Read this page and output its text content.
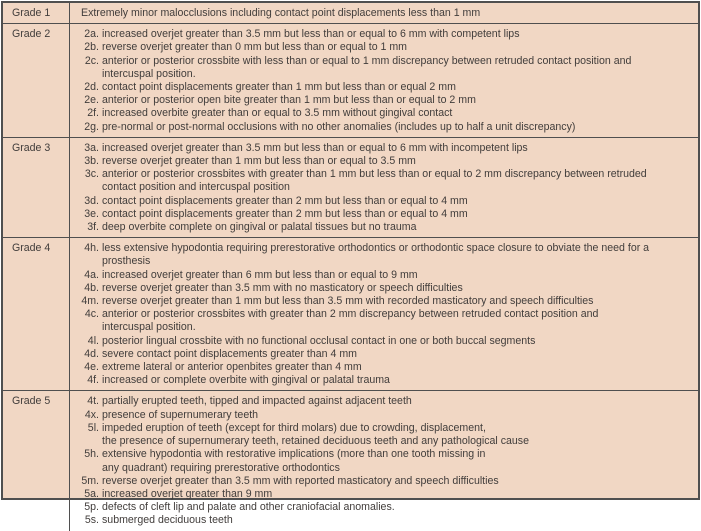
Grade 1	Extremely minor malocclusions including contact point displacements less than 1 mm
Grade 2	2a. increased overjet greater than 3.5 mm but less than or equal to 6 mm with competent lips
2b. reverse overjet greater than 0 mm but less than or equal to 1 mm
2c. anterior or posterior crossbite with less than or equal to 1 mm discrepancy between retruded contact position and
intercuspal position.
2d. contact point displacements greater than 1 mm but less than or equal 2 mm
2e. anterior or posterior open bite greater than 1 mm but less than or equal to 2 mm
2f. increased overbite greater than or equal to 3.5 mm without gingival contact
2g. pre-normal or post-normal occlusions with no other anomalies (includes up to half a unit discrepancy)
Grade 3	3a. increased overjet greater than 3.5 mm but less than or equal to 6 mm with incompetent lips
3b. reverse overjet greater than 1 mm but less than or equal to 3.5 mm
3c. anterior or posterior crossbites with greater than 1 mm but less than or equal to 2 mm discrepancy between retruded
contact position and intercuspal position
3d. contact point displacements greater than 2 mm but less than or equal to 4 mm
3e. contact point displacements greater than 2 mm but less than or equal to 4 mm
3f. deep overbite complete on gingival or palatal tissues but no trauma
Grade 4	4h. less extensive hypodontia requiring prerestorative orthodontics or orthodontic space closure to obviate the need for a
prosthesis
4a. increased overjet greater than 6 mm but less than or equal to 9 mm
4b. reverse overjet greater than 3.5 mm with no masticatory or speech difficulties
4m. reverse overjet greater than 1 mm but less than 3.5 mm with recorded masticatory and speech difficulties
4c. anterior or posterior crossbites with greater than 2 mm discrepancy between retruded contact position and
intercuspal position.
4l. posterior lingual crossbite with no functional occlusal contact in one or both buccal segments
4d. severe contact point displacements greater than 4 mm
4e. extreme lateral or anterior openbites greater than 4 mm
4f. increased or complete overbite with gingival or palatal trauma
Grade 5	4t. partially erupted teeth, tipped and impacted against adjacent teeth
4x. presence of supernumerary teeth
5l. impeded eruption of teeth (except for third molars) due to crowding, displacement,
the presence of supernumerary teeth, retained deciduous teeth and any pathological cause
5h. extensive hypodontia with restorative implications (more than one tooth missing in
any quadrant) requiring prerestorative orthodontics
5m. reverse overjet greater than 3.5 mm with reported masticatory and speech difficulties
5a. increased overjet greater than 9 mm
5p. defects of cleft lip and palate and other craniofacial anomalies.
5s. submerged deciduous teeth
